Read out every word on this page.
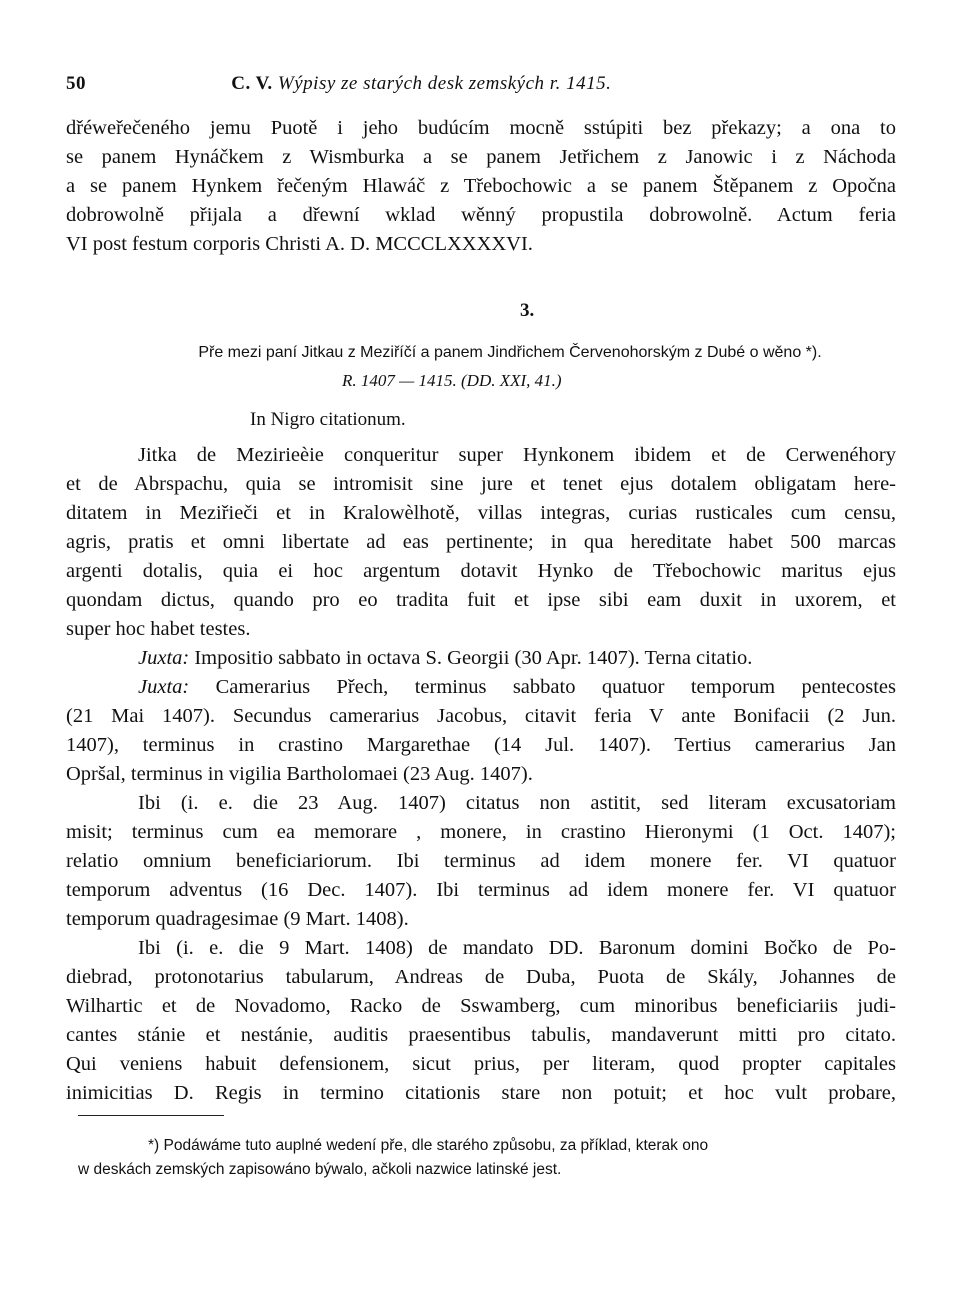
50	C. V. Wýpisy ze starých desk zemských r. 1415.
dřéweřečeného jemu Puotě i jeho budúcím mocně sstúpiti bez překazy; a ona to
se panem Hynáčkem z Wismburka a se panem Jetřichem z Janowic i z Náchoda
a se panem Hynkem řečeným Hlawáč z Třebochowic a se panem Štěpanem z Opočna
dobrowolně přijala a dřewní wklad wěnný propustila dobrowolně. Actum feria
VI post festum corporis Christi A. D. MCCCLXXXXVI.
3.
Pře mezi paní Jitkau z Meziříčí a panem Jindřichem Červenohorským z Dubé o wěno *).
R. 1407 — 1415. (DD. XXI, 41.)
In Nigro citationum.
Jitka de Mezirieèie conqueritur super Hynkonem ibidem et de Cerwenéhory
et de Abrspachu, quia se intromisit sine jure et tenet ejus dotalem obligatam here-
ditatem in Meziřieči et in Kralowèlhotě, villas integras, curias rusticales cum censu,
agris, pratis et omni libertate ad eas pertinente; in qua hereditate habet 500 marcas
argenti dotalis, quia ei hoc argentum dotavit Hynko de Třebochowic maritus ejus
quondam dictus, quando pro eo tradita fuit et ipse sibi eam duxit in uxorem, et
super hoc habet testes.
Juxta: Impositio sabbato in octava S. Georgii (30 Apr. 1407). Terna citatio.
Juxta: Camerarius Přech, terminus sabbato quatuor temporum pentecostes
(21 Mai 1407). Secundus camerarius Jacobus, citavit feria V ante Bonifacii (2 Jun.
1407), terminus in crastino Margarethae (14 Jul. 1407). Tertius camerarius Jan
Opršal, terminus in vigilia Bartholomaei (23 Aug. 1407).
Ibi (i. e. die 23 Aug. 1407) citatus non astitit, sed literam excusatoriam
misit; terminus cum ea memorare , monere, in crastino Hieronymi (1 Oct. 1407);
relatio omnium beneficiariorum. Ibi terminus ad idem monere fer. VI quatuor
temporum adventus (16 Dec. 1407). Ibi terminus ad idem monere fer. VI quatuor
temporum quadragesimae (9 Mart. 1408).
Ibi (i. e. die 9 Mart. 1408) de mandato DD. Baronum domini Bočko de Po-
diebrad, protonotarius tabularum, Andreas de Duba, Puota de Skály, Johannes de
Wilhartic et de Novadomo, Racko de Sswamberg, cum minoribus beneficiariis judi-
cantes stánie et nestánie, auditis praesentibus tabulis, mandaverunt mitti pro citato.
Qui veniens habuit defensionem, sicut prius, per literam, quod propter capitales
inimicitias D. Regis in termino citationis stare non potuit; et hoc vult probare,
*) Podáwáme tuto auplné wedení pře, dle starého způsobu, za příklad, kterak ono
w deskách zemských zapisowáno býwalo, ačkoli nazwice latinské jest.
